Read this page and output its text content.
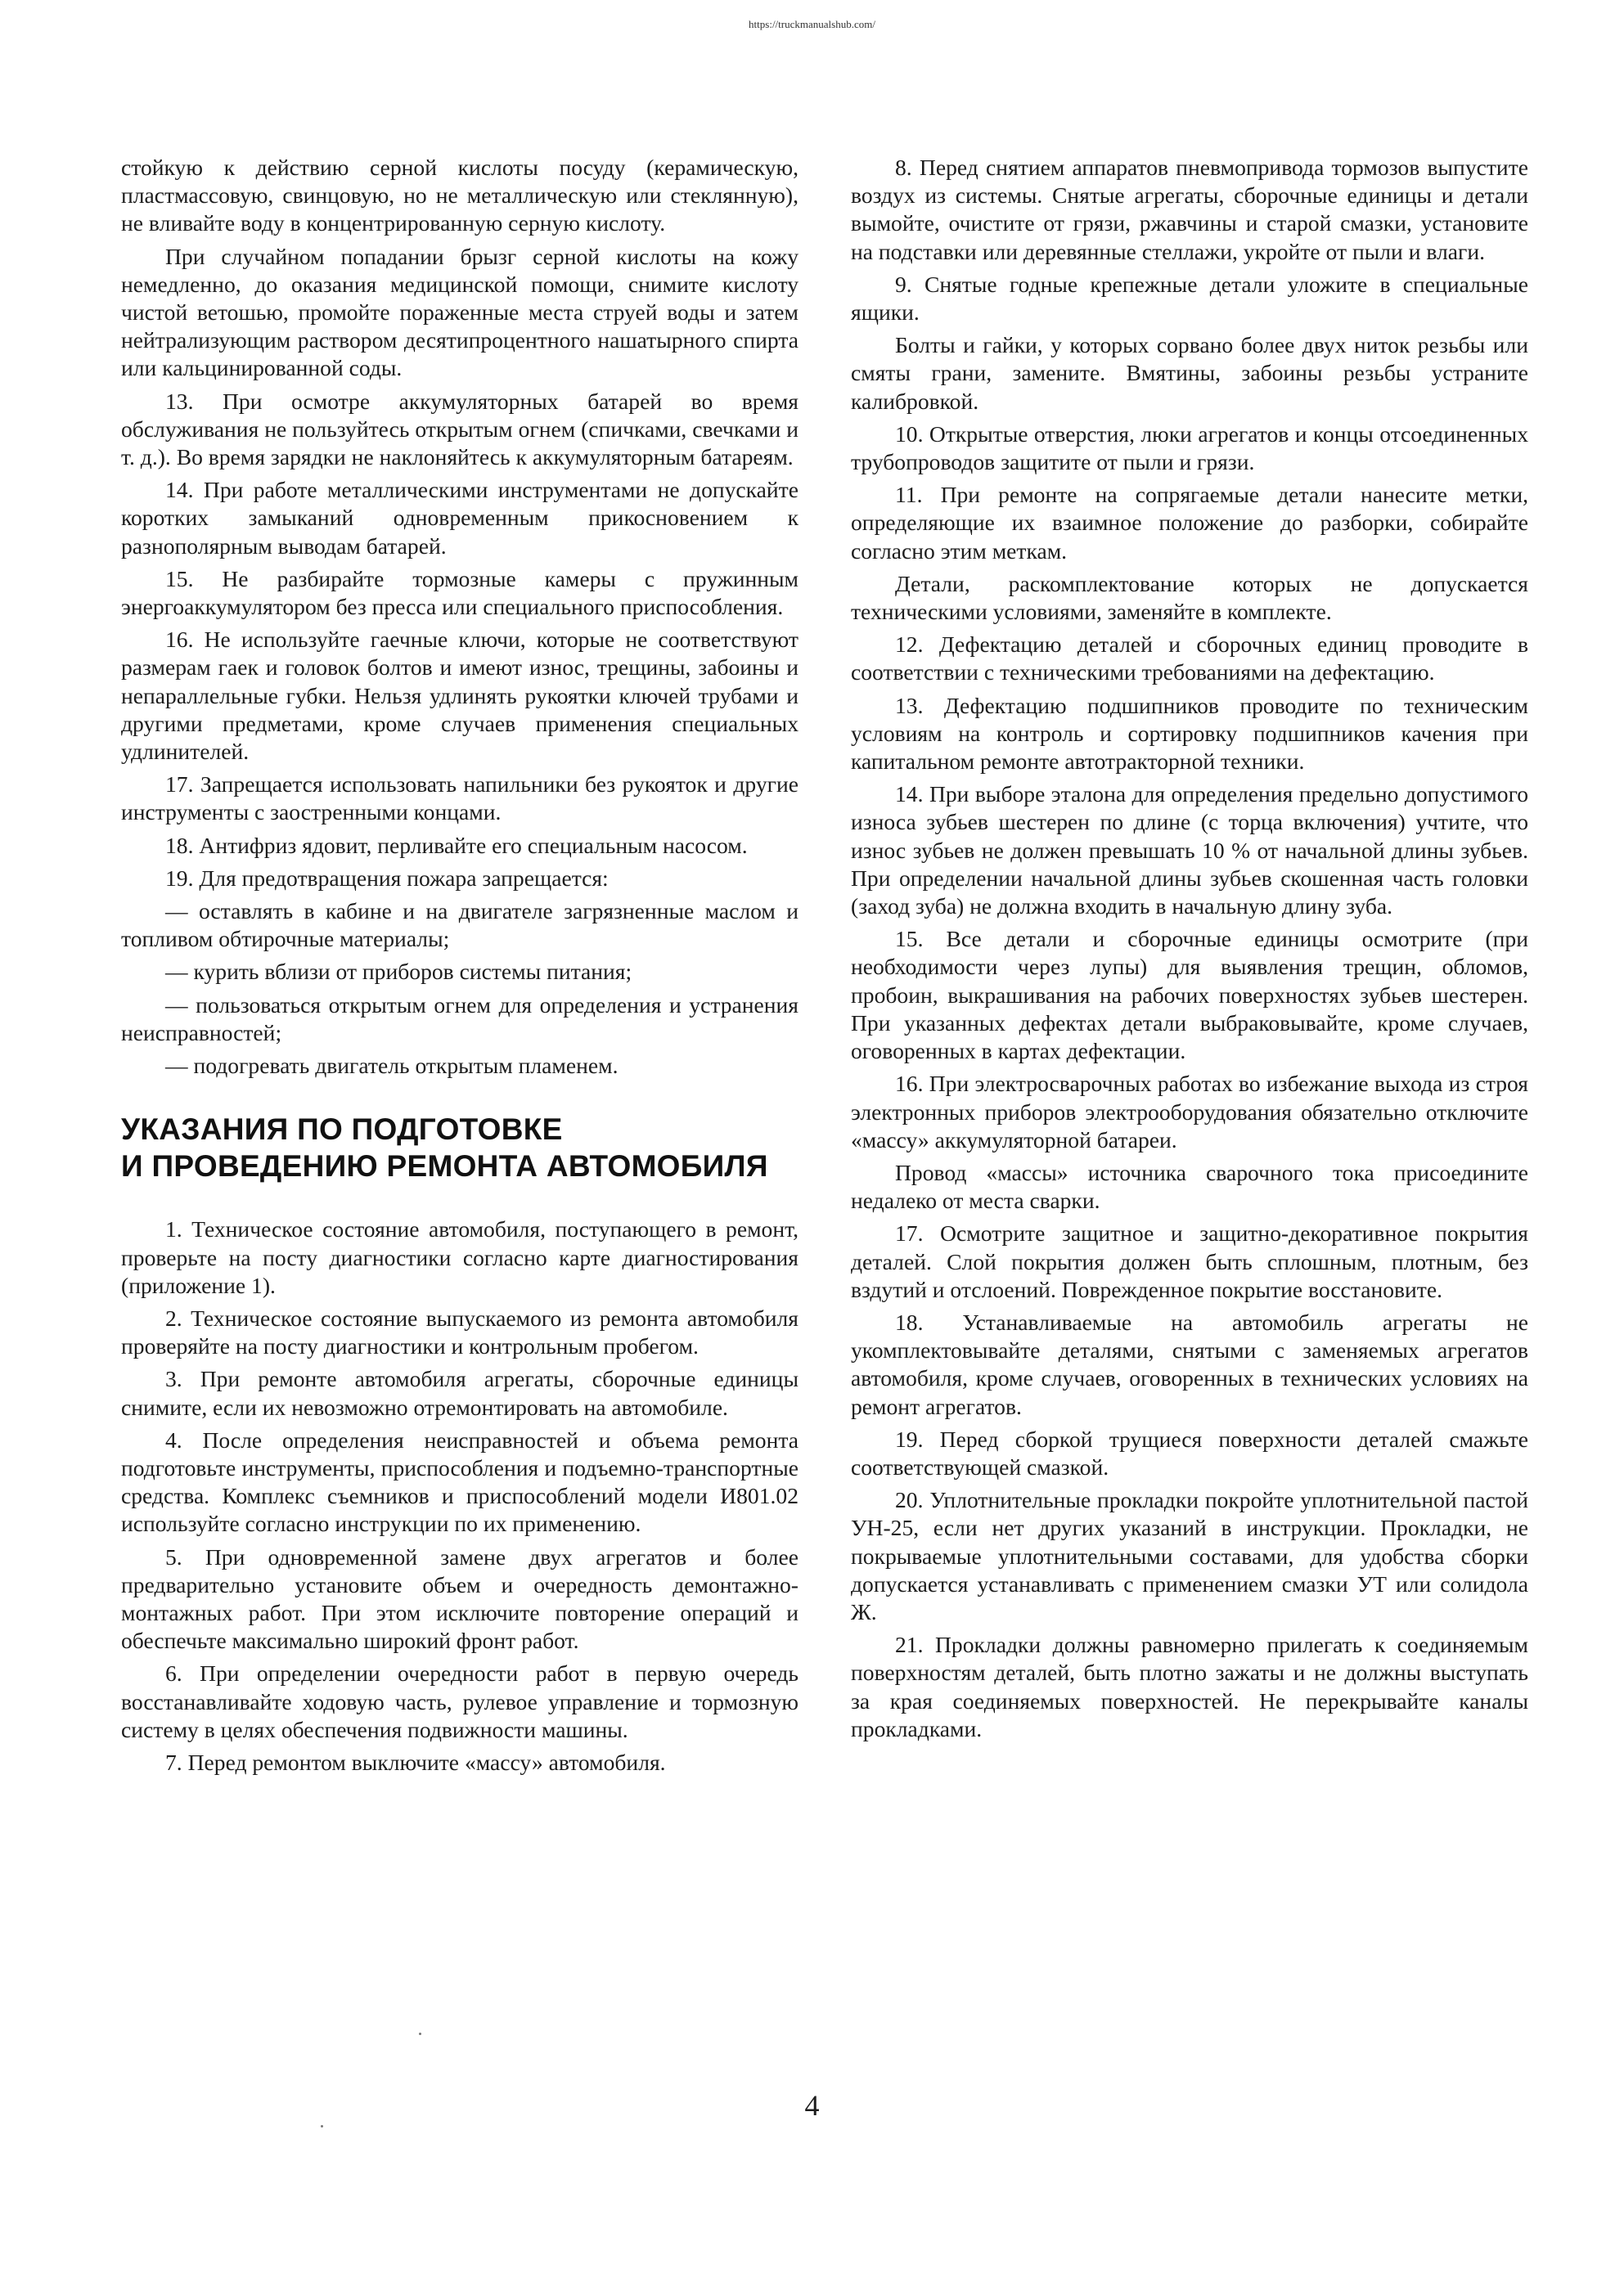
https://truckmanualshub.com/

стойкую к действию серной кислоты посуду (керамическую, пластмассовую, свинцовую, но не металлическую или стеклянную), не вливайте воду в концентрированную серную кислоту.

При случайном попадании брызг серной кислоты на кожу немедленно, до оказания медицинской помощи, снимите кислоту чистой ветошью, промойте пораженные места струей воды и затем нейтрализующим раствором десятипроцентного нашатырного спирта или кальцинированной соды.

13. При осмотре аккумуляторных батарей во время обслуживания не пользуйтесь открытым огнем (спичками, свечками и т. д.). Во время зарядки не наклоняйтесь к аккумуляторным батареям.

14. При работе металлическими инструментами не допускайте коротких замыканий одновременным прикосновением к разнополярным выводам батарей.

15. Не разбирайте тормозные камеры с пружинным энергоаккумулятором без пресса или специального приспособления.

16. Не используйте гаечные ключи, которые не соответствуют размерам гаек и головок болтов и имеют износ, трещины, забоины и непараллельные губки. Нельзя удлинять рукоятки ключей трубами и другими предметами, кроме случаев применения специальных удлинителей.

17. Запрещается использовать напильники без рукояток и другие инструменты с заостренными концами.

18. Антифриз ядовит, перливайте его специальным насосом.

19. Для предотвращения пожара запрещается:

— оставлять в кабине и на двигателе загрязненные маслом и топливом обтирочные материалы;

— курить вблизи от приборов системы питания;

— пользоваться открытым огнем для определения и устранения неисправностей;

— подогревать двигатель открытым пламенем.

УКАЗАНИЯ ПО ПОДГОТОВКЕ
И ПРОВЕДЕНИЮ РЕМОНТА АВТОМОБИЛЯ

1. Техническое состояние автомобиля, поступающего в ремонт, проверьте на посту диагностики согласно карте диагностирования (приложение 1).

2. Техническое состояние выпускаемого из ремонта автомобиля проверяйте на посту диагностики и контрольным пробегом.

3. При ремонте автомобиля агрегаты, сборочные единицы снимите, если их невозможно отремонтировать на автомобиле.

4. После определения неисправностей и объема ремонта подготовьте инструменты, приспособления и подъемно-транспортные средства. Комплекс съемников и приспособлений модели И801.02 используйте согласно инструкции по их применению.

5. При одновременной замене двух агрегатов и более предварительно установите объем и очередность демонтажно-монтажных работ. При этом исключите повторение операций и обеспечьте максимально широкий фронт работ.

6. При определении очередности работ в первую очередь восстанавливайте ходовую часть, рулевое управление и тормозную систему в целях обеспечения подвижности машины.

7. Перед ремонтом выключите «массу» автомобиля.

8. Перед снятием аппаратов пневмопривода тормозов выпустите воздух из системы. Снятые агрегаты, сборочные единицы и детали вымойте, очистите от грязи, ржавчины и старой смазки, установите на подставки или деревянные стеллажи, укройте от пыли и влаги.

9. Снятые годные крепежные детали уложите в специальные ящики.

Болты и гайки, у которых сорвано более двух ниток резьбы или смяты грани, замените. Вмятины, забоины резьбы устраните калибровкой.

10. Открытые отверстия, люки агрегатов и концы отсоединенных трубопроводов защитите от пыли и грязи.

11. При ремонте на сопрягаемые детали нанесите метки, определяющие их взаимное положение до разборки, собирайте согласно этим меткам.

Детали, раскомплектование которых не допускается техническими условиями, заменяйте в комплекте.

12. Дефектацию деталей и сборочных единиц проводите в соответствии с техническими требованиями на дефектацию.

13. Дефектацию подшипников проводите по техническим условиям на контроль и сортировку подшипников качения при капитальном ремонте автотракторной техники.

14. При выборе эталона для определения предельно допустимого износа зубьев шестерен по длине (с торца включения) учтите, что износ зубьев не должен превышать 10 % от начальной длины зубьев. При определении начальной длины зубьев скошенная часть головки (заход зуба) не должна входить в начальную длину зуба.

15. Все детали и сборочные единицы осмотрите (при необходимости через лупы) для выявления трещин, обломов, пробоин, выкрашивания на рабочих поверхностях зубьев шестерен. При указанных дефектах детали выбраковывайте, кроме случаев, оговоренных в картах дефектации.

16. При электросварочных работах во избежание выхода из строя электронных приборов электрооборудования обязательно отключите «массу» аккумуляторной батареи.

Провод «массы» источника сварочного тока присоедините недалеко от места сварки.

17. Осмотрите защитное и защитно-декоративное покрытия деталей. Слой покрытия должен быть сплошным, плотным, без вздутий и отслоений. Поврежденное покрытие восстановите.

18. Устанавливаемые на автомобиль агрегаты не укомплектовывайте деталями, снятыми с заменяемых агрегатов автомобиля, кроме случаев, оговоренных в технических условиях на ремонт агрегатов.

19. Перед сборкой трущиеся поверхности деталей смажьте соответствующей смазкой.

20. Уплотнительные прокладки покройте уплотнительной пастой УН-25, если нет других указаний в инструкции. Прокладки, не покрываемые уплотнительными составами, для удобства сборки допускается устанавливать с применением смазки УТ или солидола Ж.

21. Прокладки должны равномерно прилегать к соединяемым поверхностям деталей, быть плотно зажаты и не должны выступать за края соединяемых поверхностей. Не перекрывайте каналы прокладками.

4
